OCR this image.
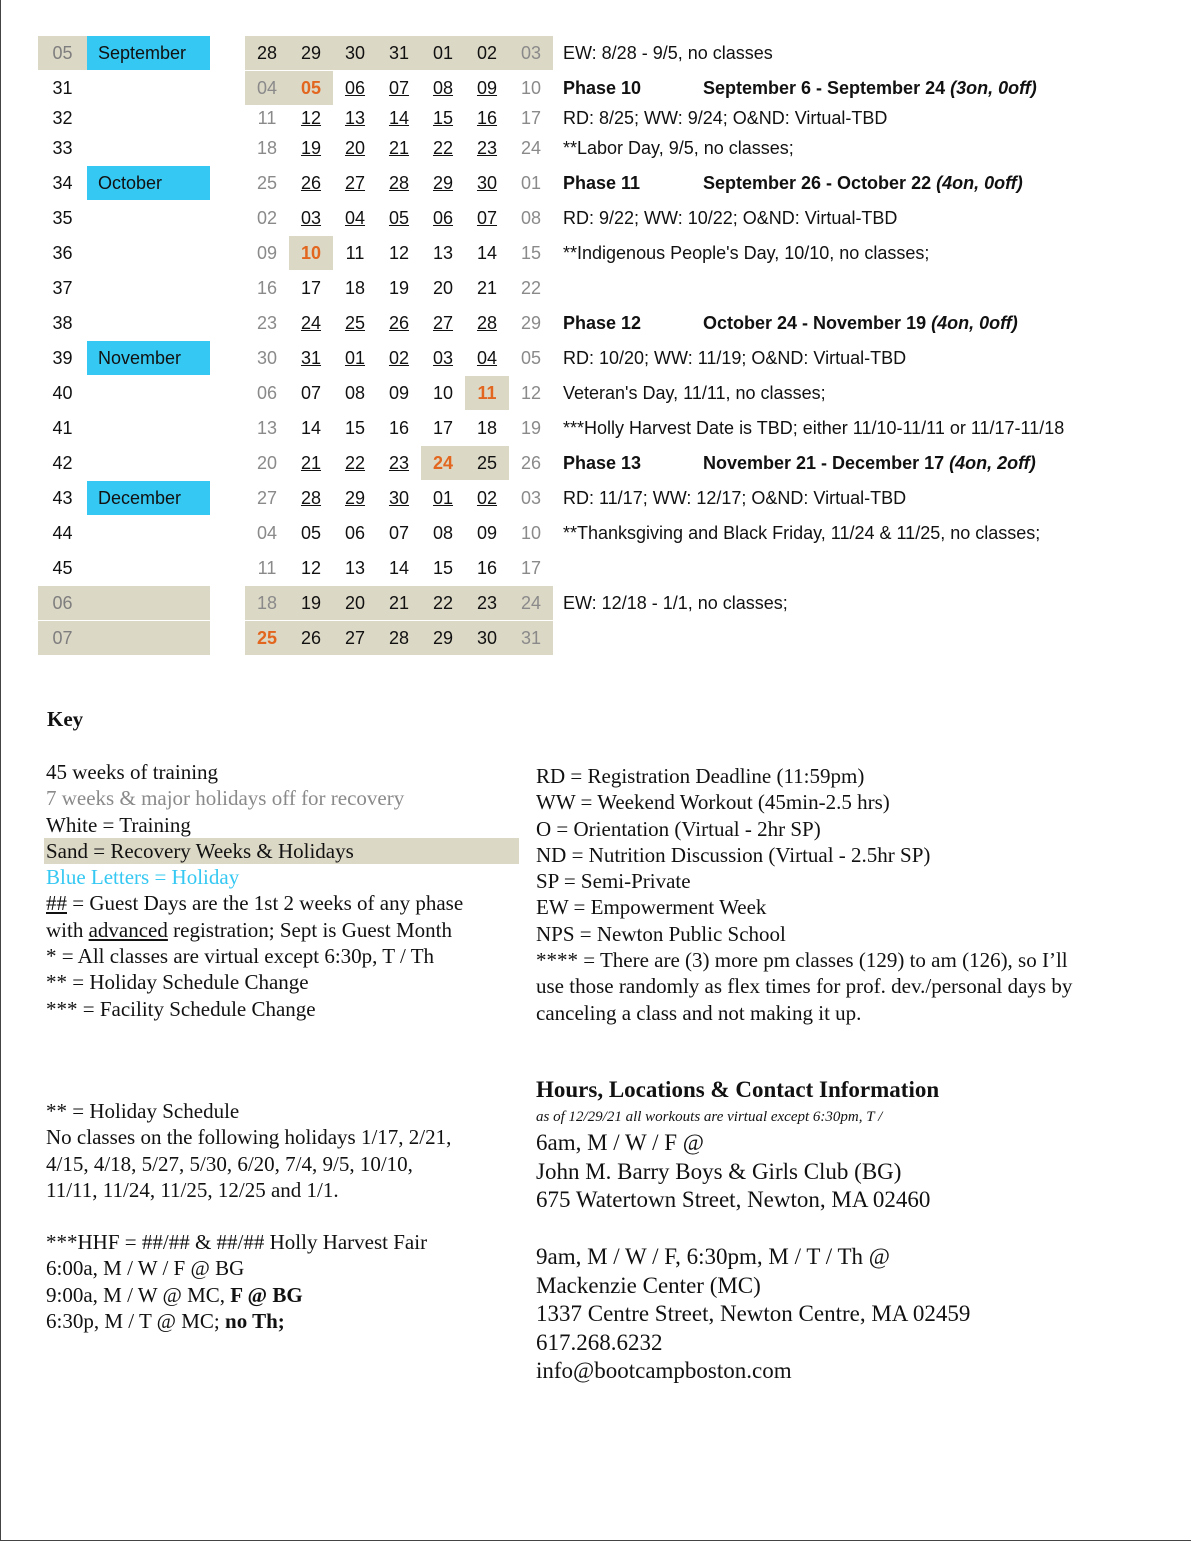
05	September	28	29	30	31	01	02	03	EW: 8/28 - 9/5, no classes
31	04	05	06	07	08	09	10	Phase 10	September 6 - September 24 (3on, 0off)
32	11	12	13	14	15	16	17	RD: 8/25; WW: 9/24; O&ND: Virtual-TBD
33	18	19	20	21	22	23	24	**Labor Day, 9/5, no classes;
34	October	25	26	27	28	29	30	01	Phase 11	September 26 - October 22 (4on, 0off)
35	02	03	04	05	06	07	08	RD: 9/22; WW: 10/22; O&ND: Virtual-TBD
36	09	10	11	12	13	14	15	**Indigenous People's Day, 10/10, no classes;
37	16	17	18	19	20	21	22
38	23	24	25	26	27	28	29	Phase 12	October 24 - November 19 (4on, 0off)
39	November	30	31	01	02	03	04	05	RD: 10/20; WW: 11/19; O&ND: Virtual-TBD
40	06	07	08	09	10	11	12	Veteran's Day, 11/11, no classes;
41	13	14	15	16	17	18	19	***Holly Harvest Date is TBD; either 11/10-11/11 or 11/17-11/18
42	20	21	22	23	24	25	26	Phase 13	November 21 - December 17 (4on, 2off)
43	December	27	28	29	30	01	02	03	RD: 11/17; WW: 12/17; O&ND: Virtual-TBD
44	04	05	06	07	08	09	10	**Thanksgiving and Black Friday, 11/24 & 11/25, no classes;
45	11	12	13	14	15	16	17
06	18	19	20	21	22	23	24	EW: 12/18 - 1/1, no classes;
07	25	26	27	28	29	30	31
Key
45 weeks of training
7 weeks & major holidays off for recovery
White = Training
Sand = Recovery Weeks & Holidays
Blue Letters = Holiday
## = Guest Days are the 1st 2 weeks of any phase
with advanced registration; Sept is Guest Month
* = All classes are virtual except 6:30p, T / Th
** = Holiday Schedule Change
*** = Facility Schedule Change
RD = Registration Deadline (11:59pm)
WW = Weekend Workout (45min-2.5 hrs)
O = Orientation (Virtual - 2hr SP)
ND = Nutrition Discussion (Virtual - 2.5hr SP)
SP = Semi-Private
EW = Empowerment Week
NPS = Newton Public School
**** = There are (3) more pm classes (129) to am (126), so I’ll
use those randomly as flex times for prof. dev./personal days by
canceling a class and not making it up.
** = Holiday Schedule
No classes on the following holidays 1/17, 2/21,
4/15, 4/18, 5/27, 5/30, 6/20, 7/4, 9/5, 10/10,
11/11, 11/24, 11/25, 12/25 and 1/1.
***HHF = ##/## & ##/## Holly Harvest Fair
6:00a, M / W / F @ BG
9:00a, M / W @ MC, F @ BG
6:30p, M / T @ MC; no Th;
Hours, Locations & Contact Information
as of 12/29/21 all workouts are virtual except 6:30pm, T /
6am, M / W / F @
John M. Barry Boys & Girls Club (BG)
675 Watertown Street, Newton, MA 02460
9am, M / W / F, 6:30pm, M / T / Th @
Mackenzie Center (MC)
1337 Centre Street, Newton Centre, MA 02459
617.268.6232
info@bootcampboston.com
